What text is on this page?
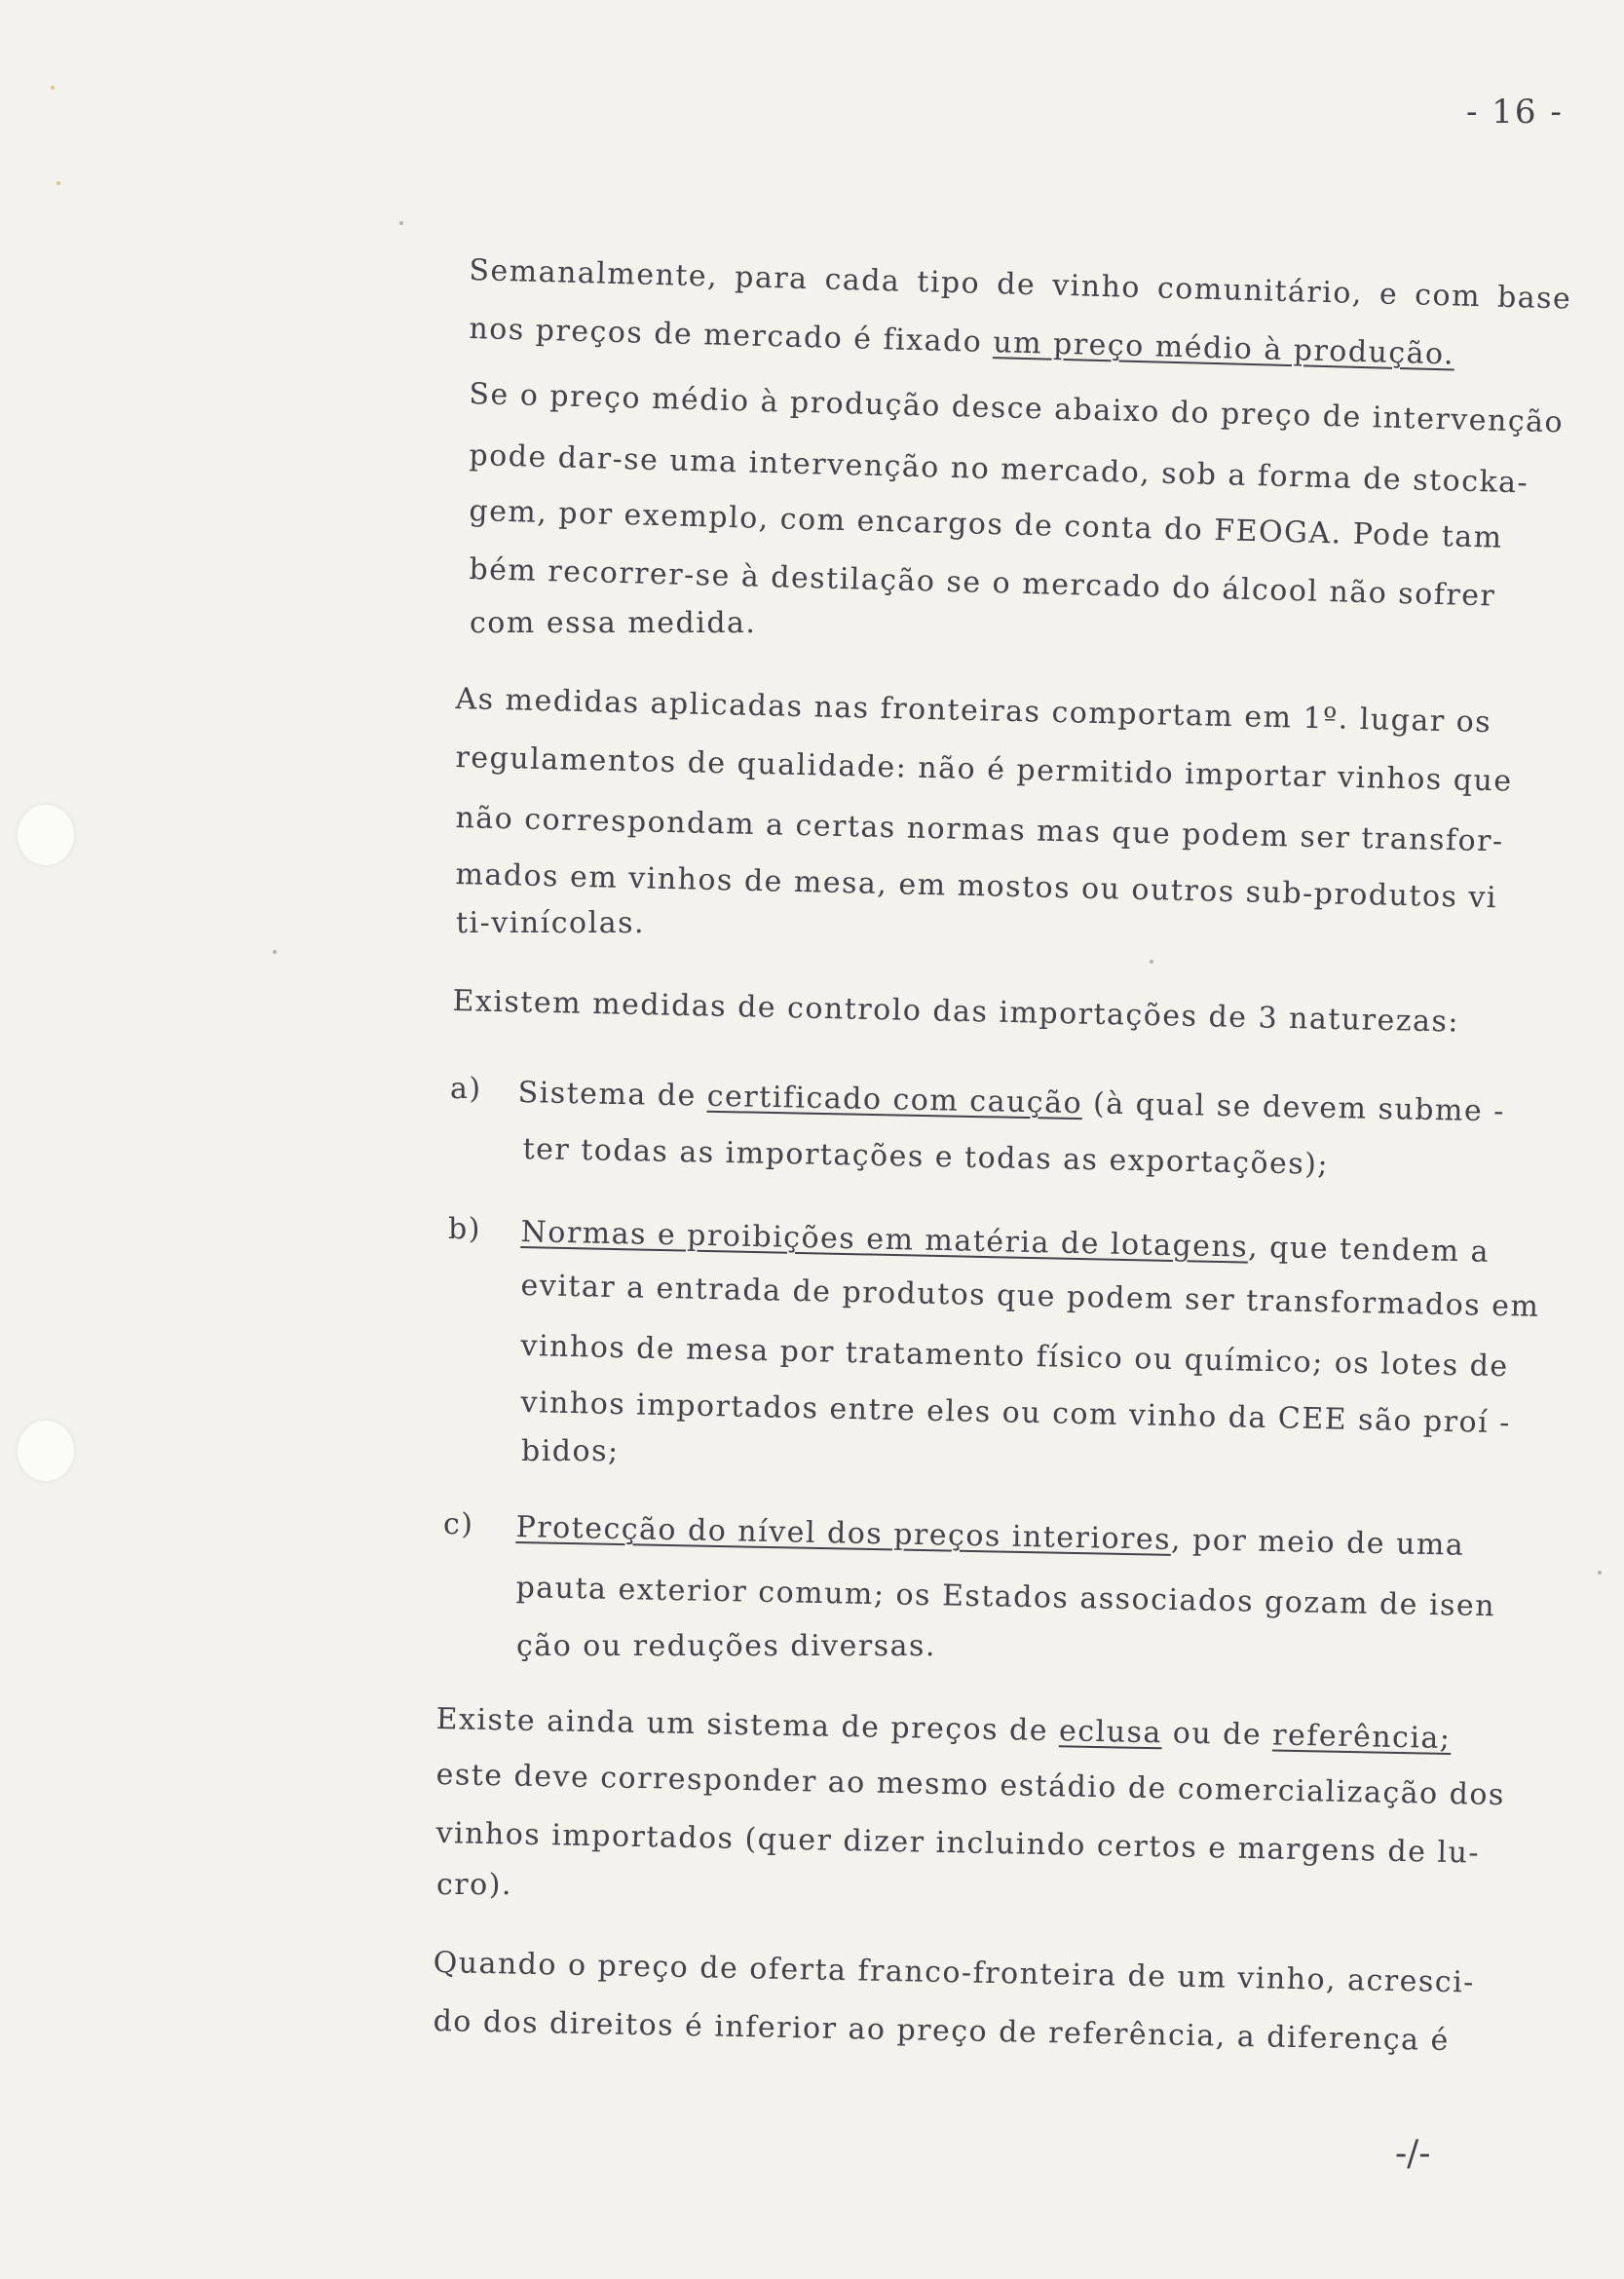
- 16 -
Semanalmente, para cada tipo de vinho comunitário, e com base
nos preços de mercado é fixado um preço médio à produção.
Se o preço médio à produção desce abaixo do preço de intervenção
pode dar-se uma intervenção no mercado, sob a forma de stocka-
gem, por exemplo, com encargos de conta do FEOGA. Pode tam
bém recorrer-se à destilação se o mercado do álcool não sofrer
com essa medida.
As medidas aplicadas nas fronteiras comportam em 1º. lugar os
regulamentos de qualidade: não é permitido importar vinhos que
não correspondam a certas normas mas que podem ser transfor-
mados em vinhos de mesa, em mostos ou outros sub-produtos vi
ti-vinícolas.
Existem medidas de controlo das importações de 3 naturezas:
a) Sistema de certificado com caução (à qual se devem subme -
ter todas as importações e todas as exportações);
b) Normas e proibições em matéria de lotagens, que tendem a
evitar a entrada de produtos que podem ser transformados em
vinhos de mesa por tratamento físico ou químico; os lotes de
vinhos importados entre eles ou com vinho da CEE são proí -
bidos;
c) Protecção do nível dos preços interiores, por meio de uma
pauta exterior comum; os Estados associados gozam de isen
ção ou reduções diversas.
Existe ainda um sistema de preços de eclusa ou de referência;
este deve corresponder ao mesmo estádio de comercialização dos
vinhos importados (quer dizer incluindo certos e margens de lu-
cro).
Quando o preço de oferta franco-fronteira de um vinho, acresci-
do dos direitos é inferior ao preço de referência, a diferença é
-/-
